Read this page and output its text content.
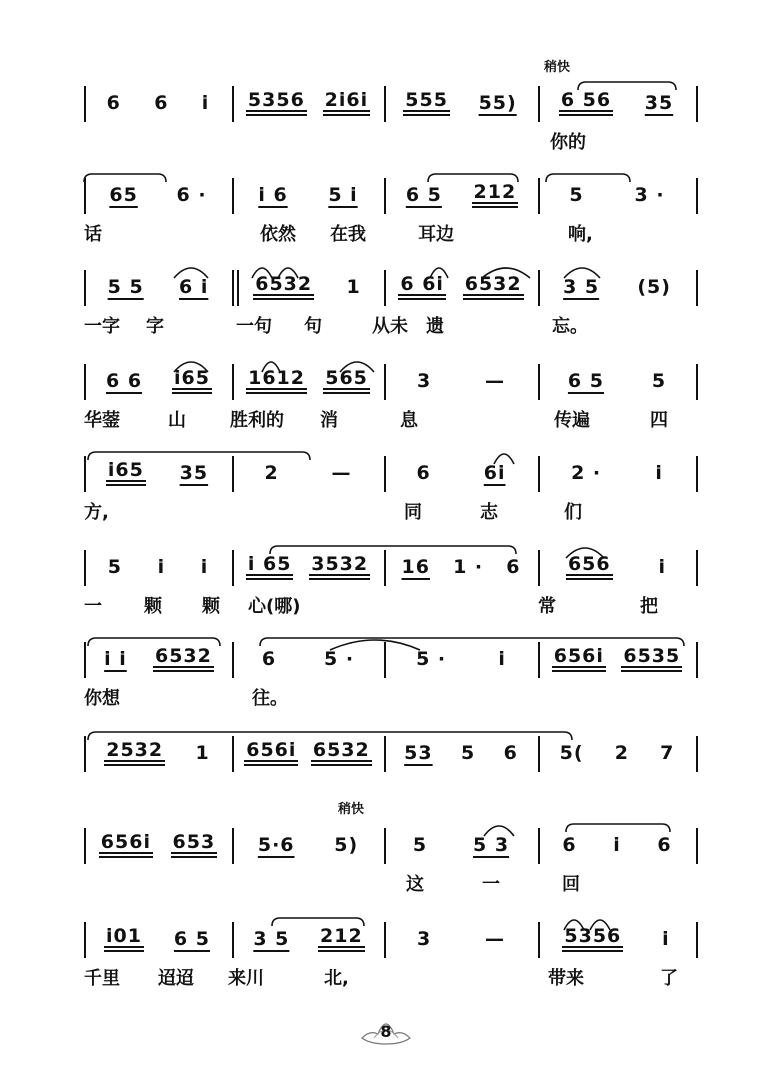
6 6 i 5356 2i6i 555 55) 6 56 35
你的
稍快
65 6 ·	i 6 5 i	6 5 212	5	3 ·
话	依然 在我	耳边	响,
5 5 6 i 6532 1 6 6i 6532 3 5 (5)
一字 字	一句 句	从未 遗	忘。
6 6 i65 1612 565	3	—	6 5	5
华蓥	山 胜利的 消	息	传遍	四
i65 35	2	—	6	6i	2 ·	i
方,	同	志	们
5 i i i 65 3532 16 1 · 6	656	i
一 颗 颗 心(哪)	常	把
i i 6532	6	5 ·	5 ·	i	656i 6535
你想	往。
2532 1 656i 6532 53 5 6 5( 2 7
656i 653 5·6 5)	5 5 3	6 i 6
这	一	回
稍快
i01 6 5 3 5 212	3	—	5356 i
千里 迢迢 来川	北,	带来	了
8
